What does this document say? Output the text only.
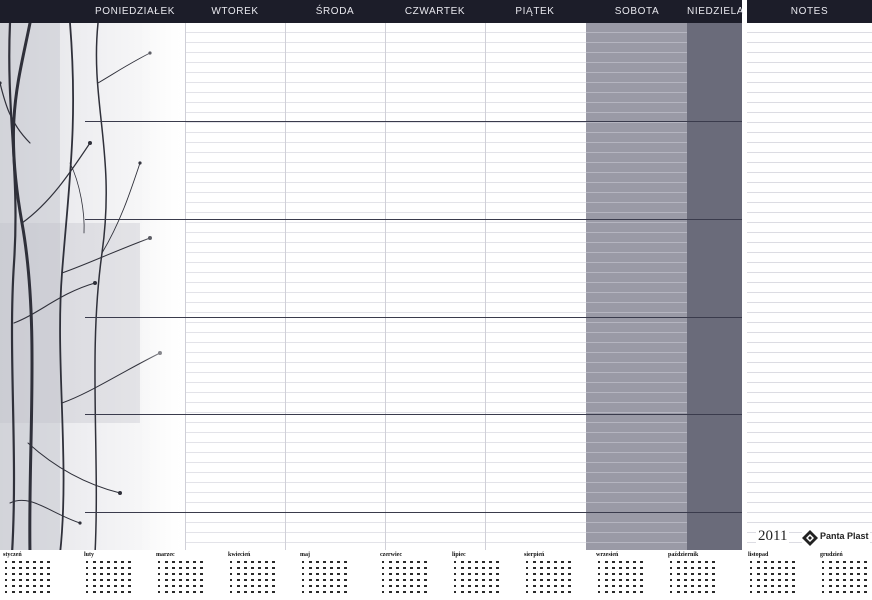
PONIEDZIAŁEK	WTOREK	ŚRODA	CZWARTEK	PIĄTEK	SOBOTA	NIEDZIELA	NOTES
2011	Panta Plast
styczeń	luty	marzec	kwiecień	maj	czerwiec	lipiec	sierpień	wrzesień	październik	listopad	grudzień
